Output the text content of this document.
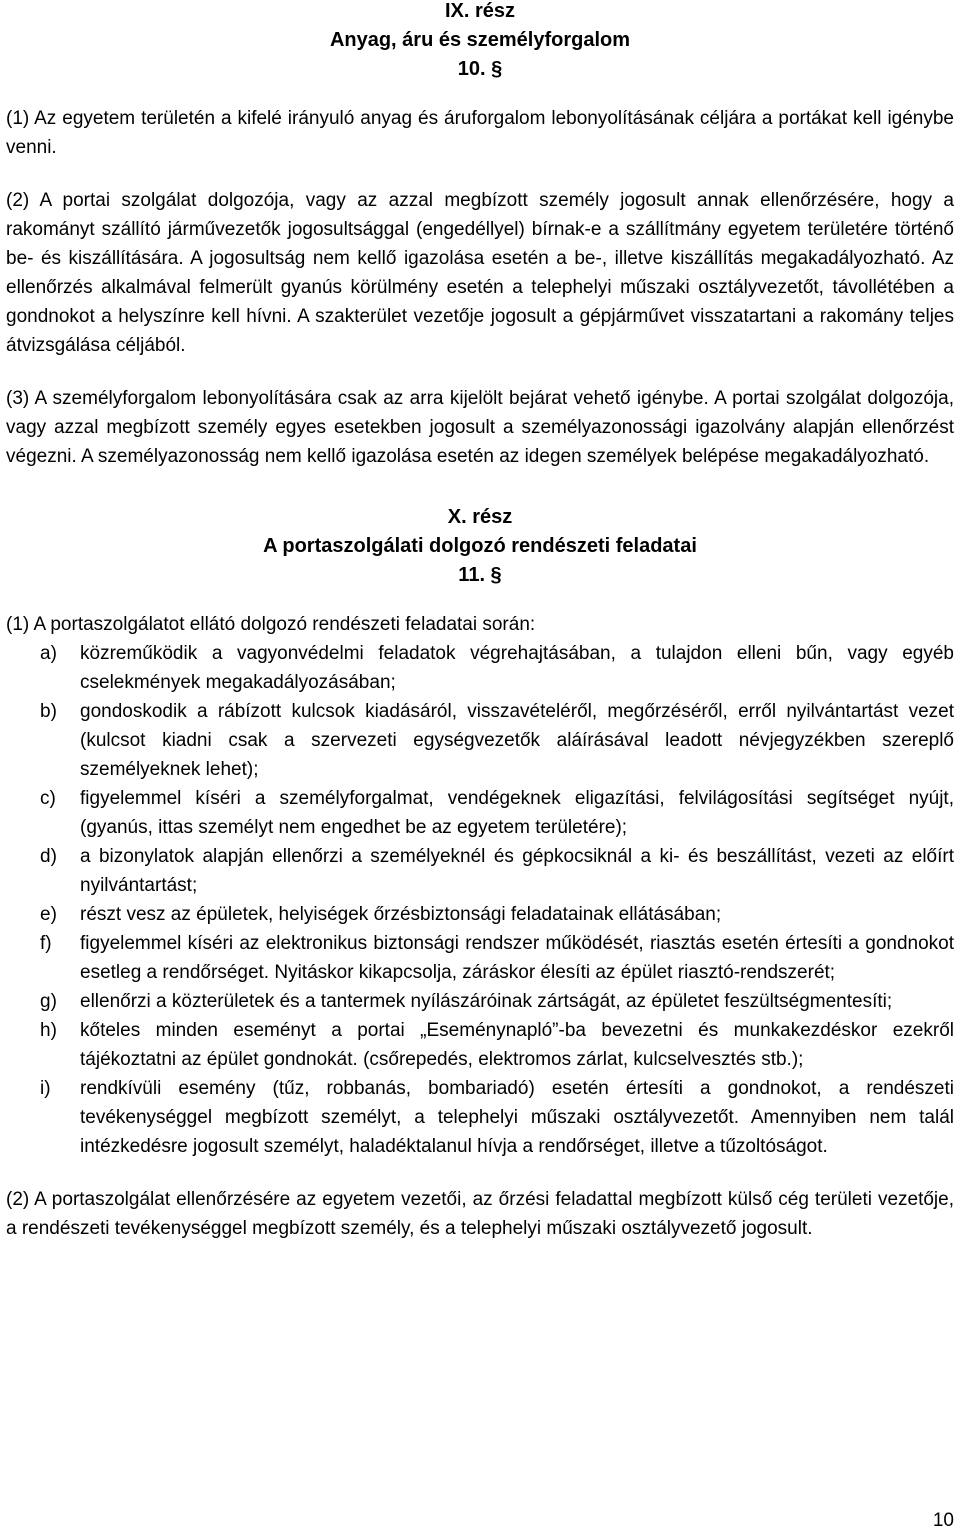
IX. rész
Anyag, áru és személyforgalom
10. §

(1) Az egyetem területén a kifelé irányuló anyag és áruforgalom lebonyolításának céljára a portákat kell igénybe venni.

(2) A portai szolgálat dolgozója, vagy az azzal megbízott személy jogosult annak ellenőrzésére, hogy a rakományt szállító járművezetők jogosultsággal (engedéllyel) bírnak-e a szállítmány egyetem területére történő be- és kiszállítására. A jogosultság nem kellő igazolása esetén a be-, illetve kiszállítás megakadályozható. Az ellenőrzés alkalmával felmerült gyanús körülmény esetén a telephelyi műszaki osztályvezetőt, távollétében a gondnokot a helyszínre kell hívni. A szakterület vezetője jogosult a gépjárművet visszatartani a rakomány teljes átvizsgálása céljából.

(3) A személyforgalom lebonyolítására csak az arra kijelölt bejárat vehető igénybe. A portai szolgálat dolgozója, vagy azzal megbízott személy egyes esetekben jogosult a személyazonossági igazolvány alapján ellenőrzést végezni. A személyazonosság nem kellő igazolása esetén az idegen személyek belépése megakadályozható.

X. rész
A portaszolgálati dolgozó rendészeti feladatai
11. §

(1) A portaszolgálatot ellátó dolgozó rendészeti feladatai során:

a) közreműködik a vagyonvédelmi feladatok végrehajtásában, a tulajdon elleni bűn, vagy egyéb cselekmények megakadályozásában;
b) gondoskodik a rábízott kulcsok kiadásáról, visszavételéről, megőrzéséről, erről nyilvántartást vezet (kulcsot kiadni csak a szervezeti egységvezetők aláírásával leadott névjegyzékben szereplő személyeknek lehet);
c) figyelemmel kíséri a személyforgalmat, vendégeknek eligazítási, felvilágosítási segítséget nyújt, (gyanús, ittas személyt nem engedhet be az egyetem területére);
d) a bizonylatok alapján ellenőrzi a személyeknél és gépkocsiknál a ki- és beszállítást, vezeti az előírt nyilvántartást;
e) részt vesz az épületek, helyiségek őrzésbiztonsági feladatainak ellátásában;
f) figyelemmel kíséri az elektronikus biztonsági rendszer működését, riasztás esetén értesíti a gondnokot esetleg a rendőrséget. Nyitáskor kikapcsolja, záráskor élesíti az épület riasztó-rendszerét;
g) ellenőrzi a közterületek és a tantermek nyílászáróinak zártságát, az épületet feszültségmentesíti;
h) kőteles minden eseményt a portai „Eseménynapló”-ba bevezetni és munkakezdéskor ezekről tájékoztatni az épület gondnokát. (csőrepedés, elektromos zárlat, kulcselvesztés stb.);
i) rendkívüli esemény (tűz, robbanás, bombariadó) esetén értesíti a gondnokot, a rendészeti tevékenységgel megbízott személyt, a telephelyi műszaki osztályvezetőt. Amennyiben nem talál intézkedésre jogosult személyt, haladéktalanul hívja a rendőrséget, illetve a tűzoltóságot.

(2) A portaszolgálat ellenőrzésére az egyetem vezetői, az őrzési feladattal megbízott külső cég területi vezetője, a rendészeti tevékenységgel megbízott személy, és a telephelyi műszaki osztályvezető jogosult.

10
